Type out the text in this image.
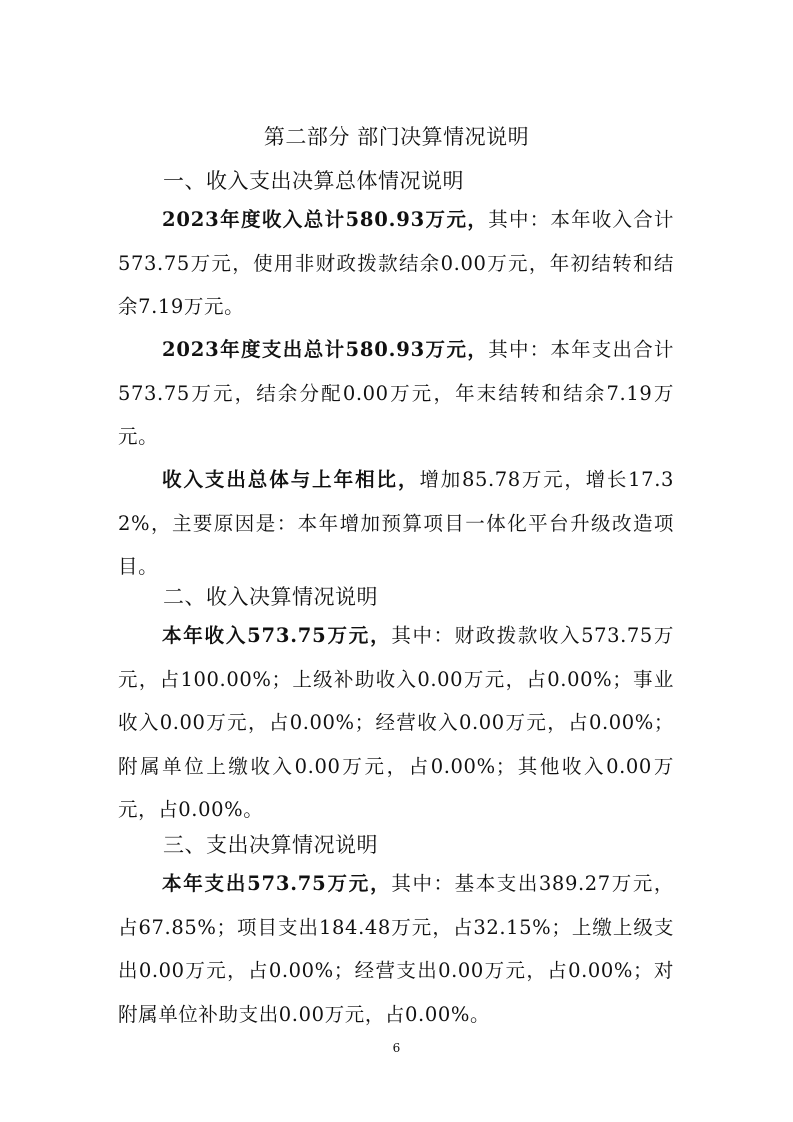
第二部分 部门决算情况说明
一、收入支出决算总体情况说明
2023年度收入总计580.93万元，其中：本年收入合计573.75万元，使用非财政拨款结余0.00万元，年初结转和结余7.19万元。
2023年度支出总计580.93万元，其中：本年支出合计573.75万元，结余分配0.00万元，年末结转和结余7.19万元。
收入支出总体与上年相比，增加85.78万元，增长17.32%，主要原因是：本年增加预算项目一体化平台升级改造项目。
二、收入决算情况说明
本年收入573.75万元，其中：财政拨款收入573.75万元，占100.00%；上级补助收入0.00万元，占0.00%；事业收入0.00万元，占0.00%；经营收入0.00万元，占0.00%；附属单位上缴收入0.00万元，占0.00%；其他收入0.00万元，占0.00%。
三、支出决算情况说明
本年支出573.75万元，其中：基本支出389.27万元，占67.85%；项目支出184.48万元，占32.15%；上缴上级支出0.00万元，占0.00%；经营支出0.00万元，占0.00%；对附属单位补助支出0.00万元，占0.00%。
6
